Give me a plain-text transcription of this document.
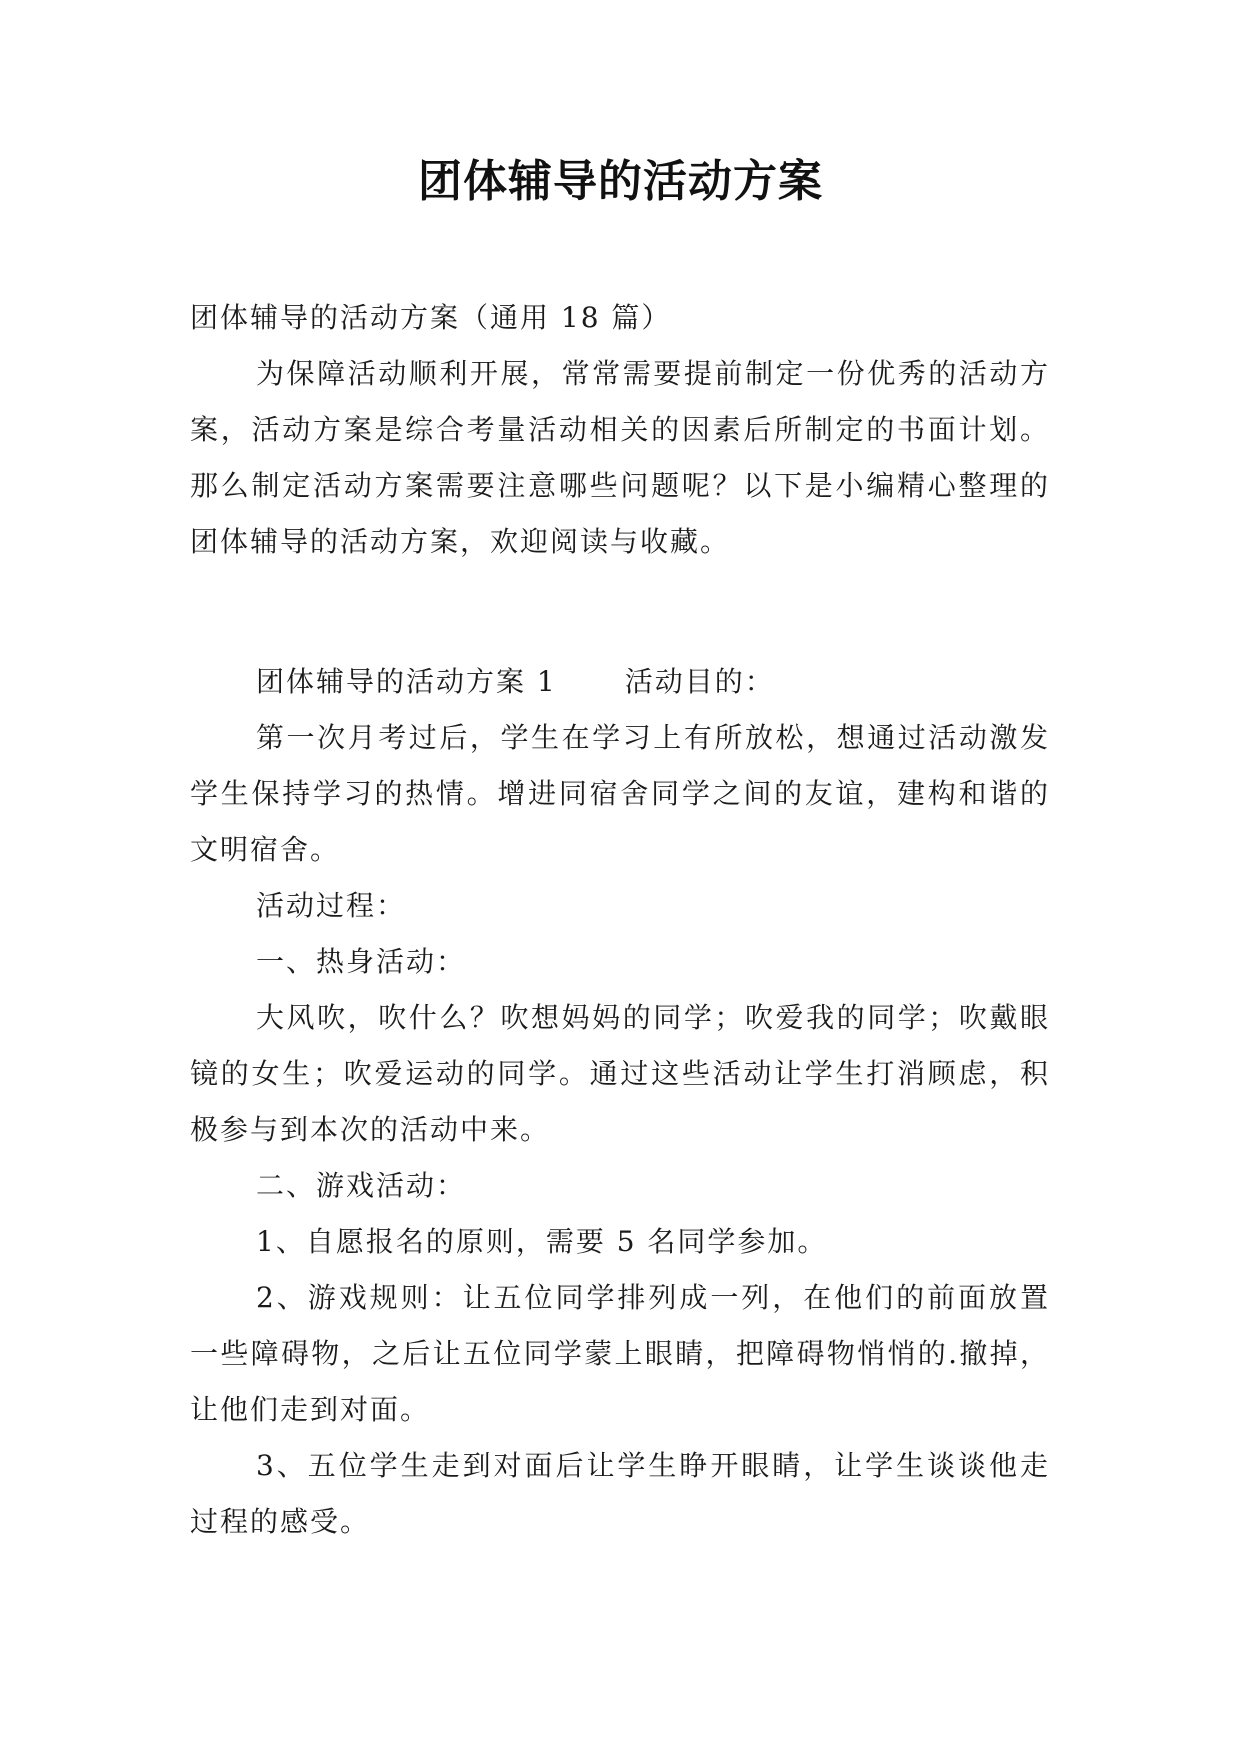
团体辅导的活动方案

团体辅导的活动方案（通用 18 篇）

为保障活动顺利开展，常常需要提前制定一份优秀的活动方案，活动方案是综合考量活动相关的因素后所制定的书面计划。那么制定活动方案需要注意哪些问题呢？以下是小编精心整理的团体辅导的活动方案，欢迎阅读与收藏。

团体辅导的活动方案 1 活动目的：

第一次月考过后，学生在学习上有所放松，想通过活动激发学生保持学习的热情。增进同宿舍同学之间的友谊，建构和谐的文明宿舍。

活动过程：

一、热身活动：

大风吹，吹什么？吹想妈妈的同学；吹爱我的同学；吹戴眼镜的女生；吹爱运动的同学。通过这些活动让学生打消顾虑，积极参与到本次的活动中来。

二、游戏活动：

1、自愿报名的原则，需要 5 名同学参加。

2、游戏规则：让五位同学排列成一列，在他们的前面放置一些障碍物，之后让五位同学蒙上眼睛，把障碍物悄悄的.撤掉，让他们走到对面。

3、五位学生走到对面后让学生睁开眼睛，让学生谈谈他走过程的感受。
